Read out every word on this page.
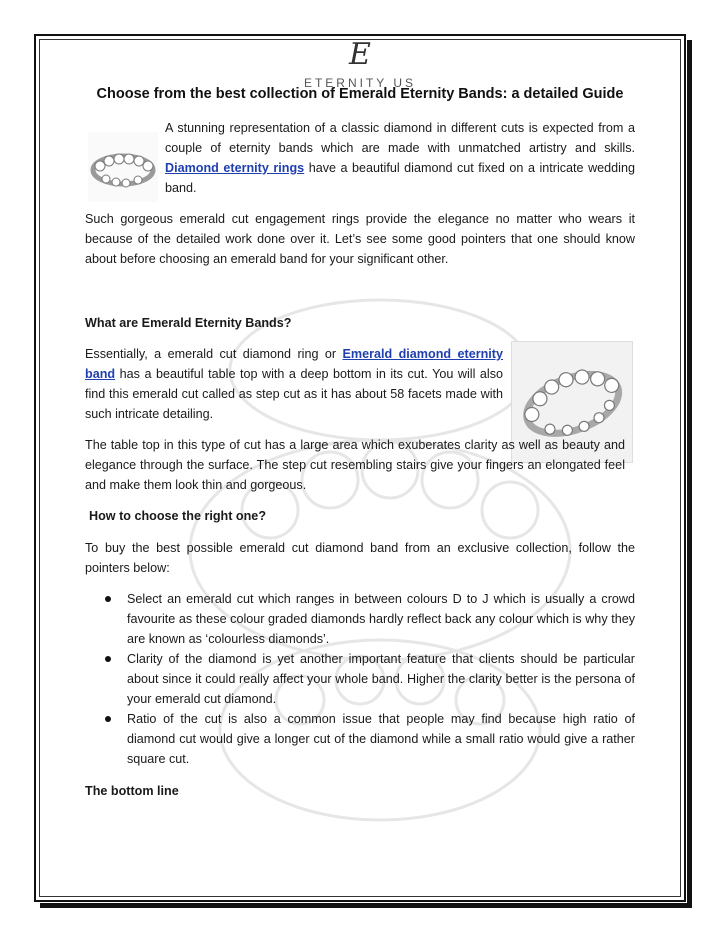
E
ETERNITY US
Choose from the best collection of Emerald Eternity Bands: a detailed Guide

A stunning representation of a classic diamond in different cuts is expected from a couple of eternity bands which are made with unmatched artistry and skills. Diamond eternity rings have a beautiful diamond cut fixed on a intricate wedding band.

Such gorgeous emerald cut engagement rings provide the elegance no matter who wears it because of the detailed work done over it. Let’s see some good pointers that one should know about before choosing an emerald band for your significant other.

What are Emerald Eternity Bands?

Essentially, a emerald cut diamond ring or Emerald diamond eternity band has a beautiful table top with a deep bottom in its cut. You will also find this emerald cut called as step cut as it has about 58 facets made with such intricate detailing.

The table top in this type of cut has a large area which exuberates clarity as well as beauty and elegance through the surface. The step cut resembling stairs give your fingers an elongated feel and make them look thin and gorgeous.

How to choose the right one?

To buy the best possible emerald cut diamond band from an exclusive collection, follow the pointers below:

Select an emerald cut which ranges in between colours D to J which is usually a crowd favourite as these colour graded diamonds hardly reflect back any colour which is why they are known as ‘colourless diamonds’.
Clarity of the diamond is yet another important feature that clients should be particular about since it could really affect your whole band. Higher the clarity better is the persona of your emerald cut diamond.
Ratio of the cut is also a common issue that people may find because high ratio of diamond cut would give a longer cut of the diamond while a small ratio would give a rather square cut.
The bottom line
